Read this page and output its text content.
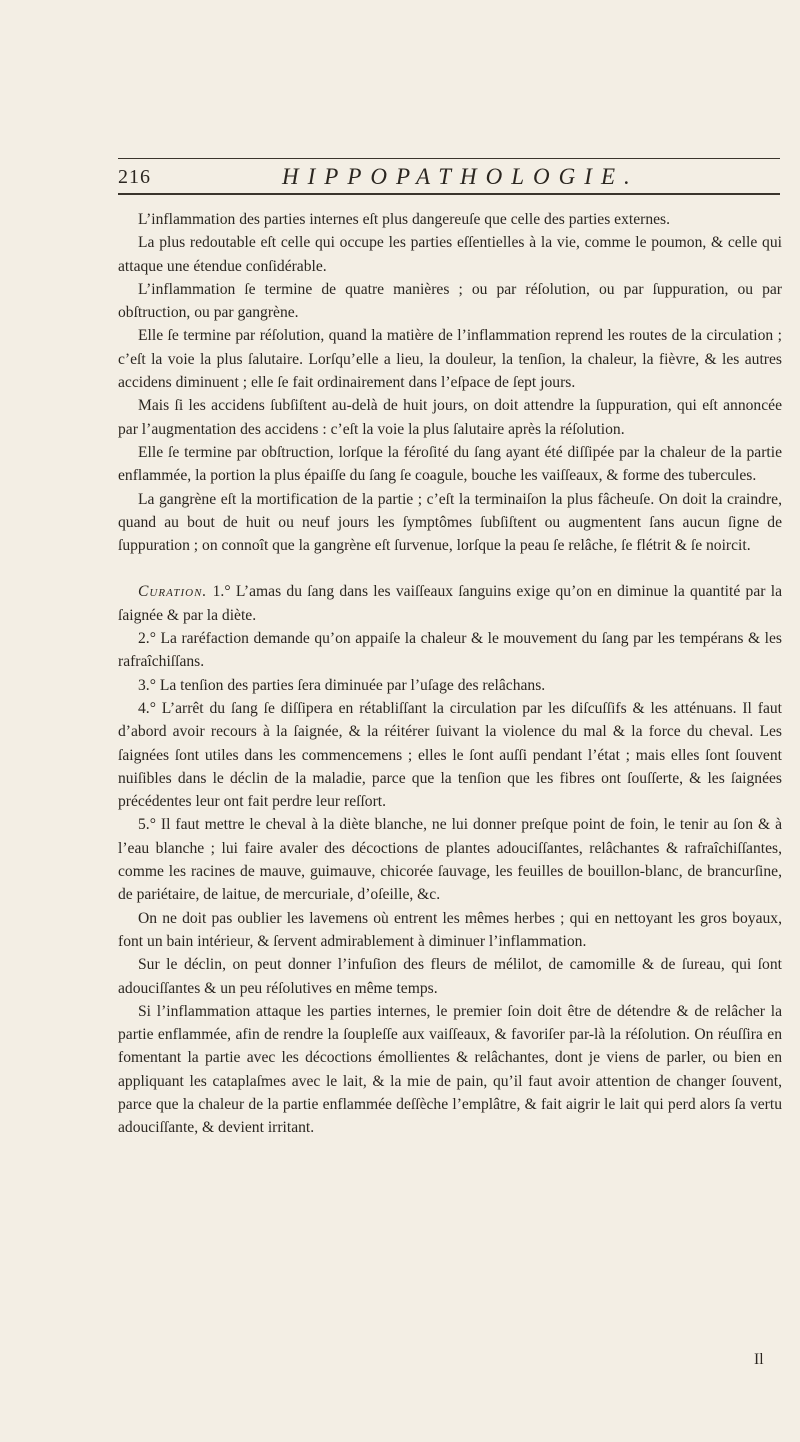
216	HIPPOPATHOLOGIE.

L’inflammation des parties internes eſt plus dangereuſe que celle des parties externes.

La plus redoutable eſt celle qui occupe les parties eſſentielles à la vie, comme le poumon, & celle qui attaque une étendue conſidérable.

L’inflammation ſe termine de quatre manières ; ou par réſolution, ou par ſuppuration, ou par obſtruction, ou par gangrène.

Elle ſe termine par réſolution, quand la matière de l’inflammation reprend les routes de la circulation ; c’eſt la voie la plus ſalutaire. Lorſqu’elle a lieu, la douleur, la tenſion, la chaleur, la fièvre, & les autres accidens diminuent ; elle ſe fait ordinairement dans l’eſpace de ſept jours.

Mais ſi les accidens ſubſiſtent au-delà de huit jours, on doit attendre la ſuppuration, qui eſt annoncée par l’augmentation des accidens : c’eſt la voie la plus ſalutaire après la réſolution.

Elle ſe termine par obſtruction, lorſque la féroſité du ſang ayant été diſſipée par la chaleur de la partie enflammée, la portion la plus épaiſſe du ſang ſe coagule, bouche les vaiſſeaux, & forme des tubercules.

La gangrène eſt la mortification de la partie ; c’eſt la terminaiſon la plus fâcheuſe. On doit la craindre, quand au bout de huit ou neuf jours les ſymptômes ſubſiſtent ou augmentent ſans aucun ſigne de ſuppuration ; on connoît que la gangrène eſt ſurvenue, lorſque la peau ſe relâche, ſe flétrit & ſe noircit.

Curation. 1.° L’amas du ſang dans les vaiſſeaux ſanguins exige qu’on en diminue la quantité par la ſaignée & par la diète.

2.° La raréfaction demande qu’on appaiſe la chaleur & le mouvement du ſang par les tempérans & les rafraîchiſſans.

3.° La tenſion des parties ſera diminuée par l’uſage des relâchans.

4.° L’arrêt du ſang ſe diſſipera en rétabliſſant la circulation par les diſcuſſifs & les atténuans. Il faut d’abord avoir recours à la ſaignée, & la réitérer ſuivant la violence du mal & la force du cheval. Les ſaignées ſont utiles dans les commencemens ; elles le ſont auſſi pendant l’état ; mais elles ſont ſouvent nuiſibles dans le déclin de la maladie, parce que la tenſion que les fibres ont ſouſſerte, & les ſaignées précédentes leur ont fait perdre leur reſſort.

5.° Il faut mettre le cheval à la diète blanche, ne lui donner preſque point de foin, le tenir au ſon & à l’eau blanche ; lui faire avaler des décoctions de plantes adouciſſantes, relâchantes & rafraîchiſſantes, comme les racines de mauve, guimauve, chicorée ſauvage, les feuilles de bouillon-blanc, de brancurſine, de pariétaire, de laitue, de mercuriale, d’oſeille, &c.

On ne doit pas oublier les lavemens où entrent les mêmes herbes ; qui en nettoyant les gros boyaux, font un bain intérieur, & ſervent admirablement à diminuer l’inflammation.

Sur le déclin, on peut donner l’infuſion des fleurs de mélilot, de camomille & de ſureau, qui ſont adouciſſantes & un peu réſolutives en même temps.

Si l’inflammation attaque les parties internes, le premier ſoin doit être de détendre & de relâcher la partie enflammée, afin de rendre la ſoupleſſe aux vaiſſeaux, & favoriſer par-là la réſolution. On réuſſira en fomentant la partie avec les décoctions émollientes & relâchantes, dont je viens de parler, ou bien en appliquant les cataplaſmes avec le lait, & la mie de pain, qu’il faut avoir attention de changer ſouvent, parce que la chaleur de la partie enflammée deſſèche l’emplâtre, & fait aigrir le lait qui perd alors ſa vertu adouciſſante, & devient irritant.

Il
